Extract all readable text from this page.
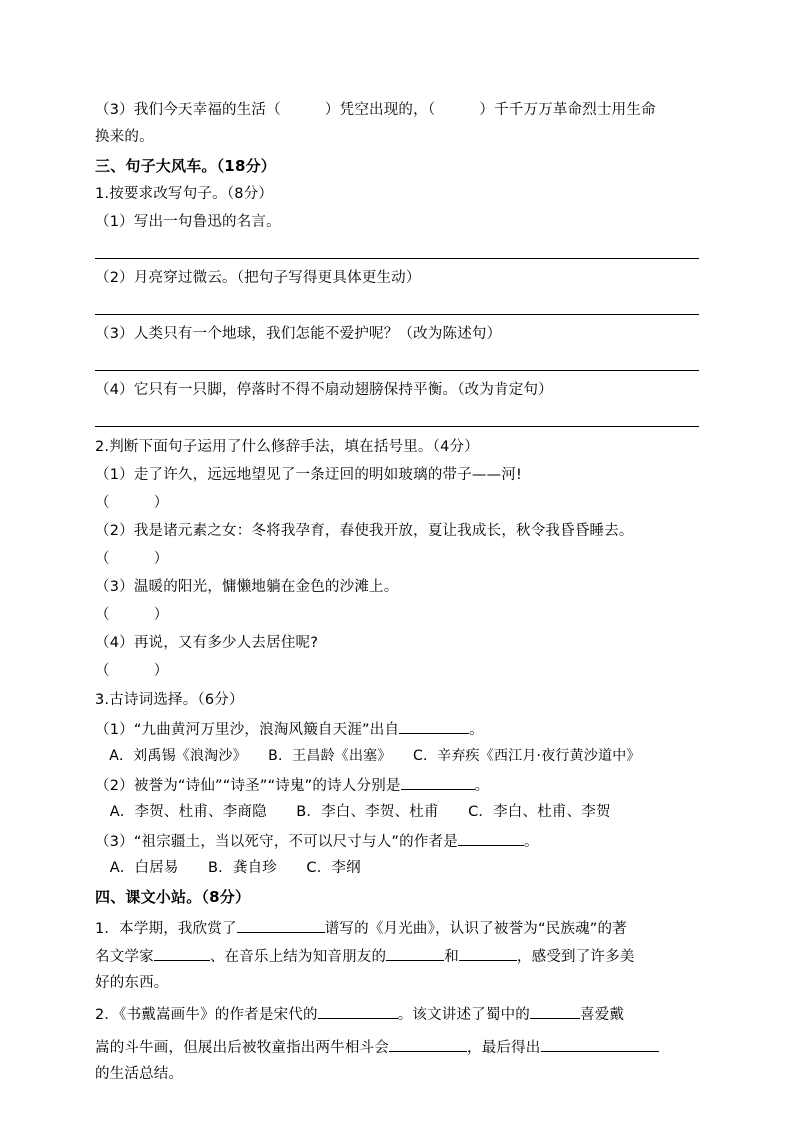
（3）我们今天幸福的生活（　　　）凭空出现的，（　　　）千千万万革命烈士用生命
换来的。
三、句子大风车。（18分）
1.按要求改写句子。（8分）
（1）写出一句鲁迅的名言。
（2）月亮穿过微云。（把句子写得更具体更生动）
（3）人类只有一个地球，我们怎能不爱护呢？（改为陈述句）
（4）它只有一只脚，停落时不得不扇动翅膀保持平衡。（改为肯定句）
2.判断下面句子运用了什么修辞手法，填在括号里。（4分）
（1）走了许久，远远地望见了一条迂回的明如玻璃的带子——河!
（　　　）
（2）我是诸元素之女：冬将我孕育，春使我开放，夏让我成长，秋令我昏昏睡去。
（　　　）
（3）温暖的阳光，慵懒地躺在金色的沙滩上。
（　　　）
（4）再说，又有多少人去居住呢?
（　　　）
3.古诗词选择。（6分）
（1）“九曲黄河万里沙，浪淘风簸自天涯”出自	。
　A．刘禹锡《浪淘沙》　　B．王昌龄《出塞》　　C．辛弃疾《西江月·夜行黄沙道中》
（2）被誉为“诗仙”“诗圣”“诗鬼”的诗人分别是	。
　A．李贺、杜甫、李商隐　　B．李白、李贺、杜甫　　C．李白、杜甫、李贺
（3）“祖宗疆土，当以死守，不可以尺寸与人”的作者是	。
　A．白居易　　B．龚自珍　　C．李纲
四、课文小站。（8分）
1．本学期，我欣赏了	谱写的《月光曲》，认识了被誉为“民族魂”的著
名文学家	、在音乐上结为知音朋友的	和	，感受到了许多美
好的东西。
2．《书戴嵩画牛》的作者是宋代的	。该文讲述了蜀中的	喜爱戴
嵩的斗牛画，但展出后被牧童指出两牛相斗会	，最后得出
的生活总结。
